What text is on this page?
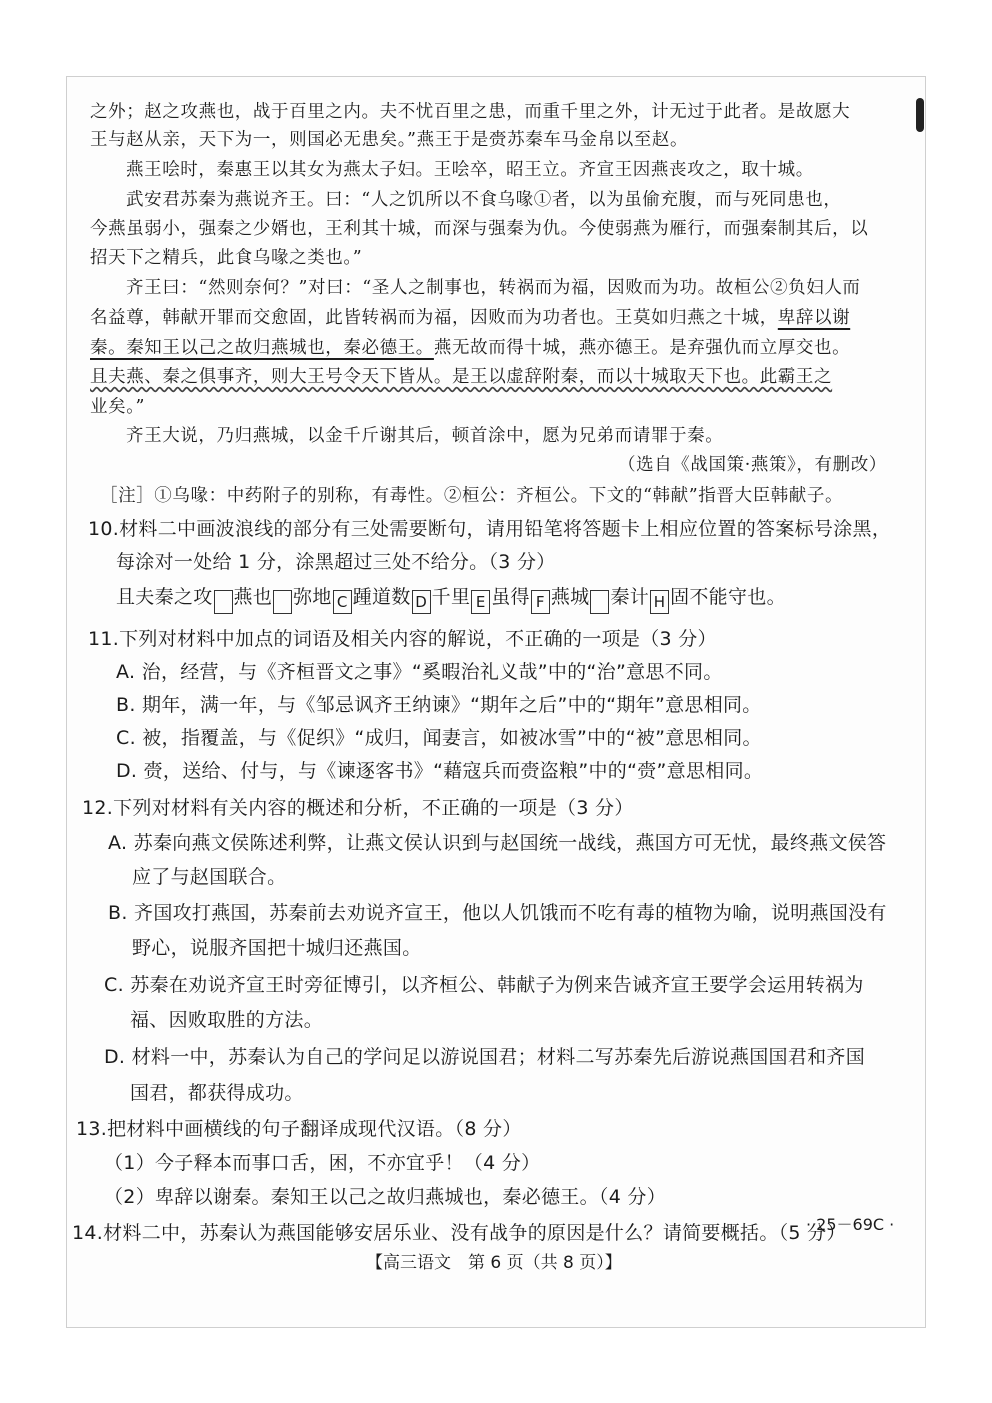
之外；赵之攻燕也，战于百里之内。夫不忧百里之患，而重千里之外，计无过于此者。是故愿大
王与赵从亲，天下为一，则国必无患矣。”燕王于是赍苏秦车马金帛以至赵。
燕王哙时，秦惠王以其女为燕太子妇。王哙卒，昭王立。齐宣王因燕丧攻之，取十城。
武安君苏秦为燕说齐王。曰：“人之饥所以不食乌喙①者，以为虽偷充腹，而与死同患也，
今燕虽弱小，强秦之少婿也，王利其十城，而深与强秦为仇。今使弱燕为雁行，而强秦制其后，以
招天下之精兵，此食乌喙之类也。”
齐王曰：“然则奈何？”对曰：“圣人之制事也，转祸而为福，因败而为功。故桓公②负妇人而
名益尊，韩献开罪而交愈固，此皆转祸而为福，因败而为功者也。王莫如归燕之十城，卑辞以谢
秦。秦知王以己之故归燕城也，秦必德王。燕无故而得十城，燕亦德王。是弃强仇而立厚交也。
且夫燕、秦之俱事齐，则大王号令天下皆从。是王以虚辞附秦，而以十城取天下也。此霸王之
业矣。”
齐王大说，乃归燕城，以金千斤谢其后，顿首涂中，愿为兄弟而请罪于秦。
（选自《战国策·燕策》，有删改）
［注］①乌喙：中药附子的别称，有毒性。②桓公：齐桓公。下文的“韩献”指晋大臣韩献子。
10.材料二中画波浪线的部分有三处需要断句，请用铅笔将答题卡上相应位置的答案标号涂黑，
每涂对一处给 1 分，涂黑超过三处不给分。（3 分）
且夫秦之攻 燕也 弥地 C 踵道数 D 千里 E 虽得 F 燕城 秦计 H 固不能守也。
11.下列对材料中加点的词语及相关内容的解说，不正确的一项是（3 分）
A. 治，经营，与《齐桓晋文之事》“奚暇治礼义哉”中的“治”意思不同。
B. 期年，满一年，与《邹忌讽齐王纳谏》“期年之后”中的“期年”意思相同。
C. 被，指覆盖，与《促织》“成归，闻妻言，如被冰雪”中的“被”意思相同。
D. 赍，送给、付与，与《谏逐客书》“藉寇兵而赍盗粮”中的“赍”意思相同。
12.下列对材料有关内容的概述和分析，不正确的一项是（3 分）
A. 苏秦向燕文侯陈述利弊，让燕文侯认识到与赵国统一战线，燕国方可无忧，最终燕文侯答
应了与赵国联合。
B. 齐国攻打燕国，苏秦前去劝说齐宣王，他以人饥饿而不吃有毒的植物为喻，说明燕国没有
野心，说服齐国把十城归还燕国。
C. 苏秦在劝说齐宣王时旁征博引，以齐桓公、韩献子为例来告诫齐宣王要学会运用转祸为
福、因败取胜的方法。
D. 材料一中，苏秦认为自己的学问足以游说国君；材料二写苏秦先后游说燕国国君和齐国
国君，都获得成功。
13.把材料中画横线的句子翻译成现代汉语。（8 分）
（1）今子释本而事口舌，困，不亦宜乎！（4 分）
（2）卑辞以谢秦。秦知王以己之故归燕城也，秦必德王。（4 分）
14.材料二中，苏秦认为燕国能够安居乐业、没有战争的原因是什么？请简要概括。（5 分）
· 25－69C ·
【高三语文　第 6 页（共 8 页）】
